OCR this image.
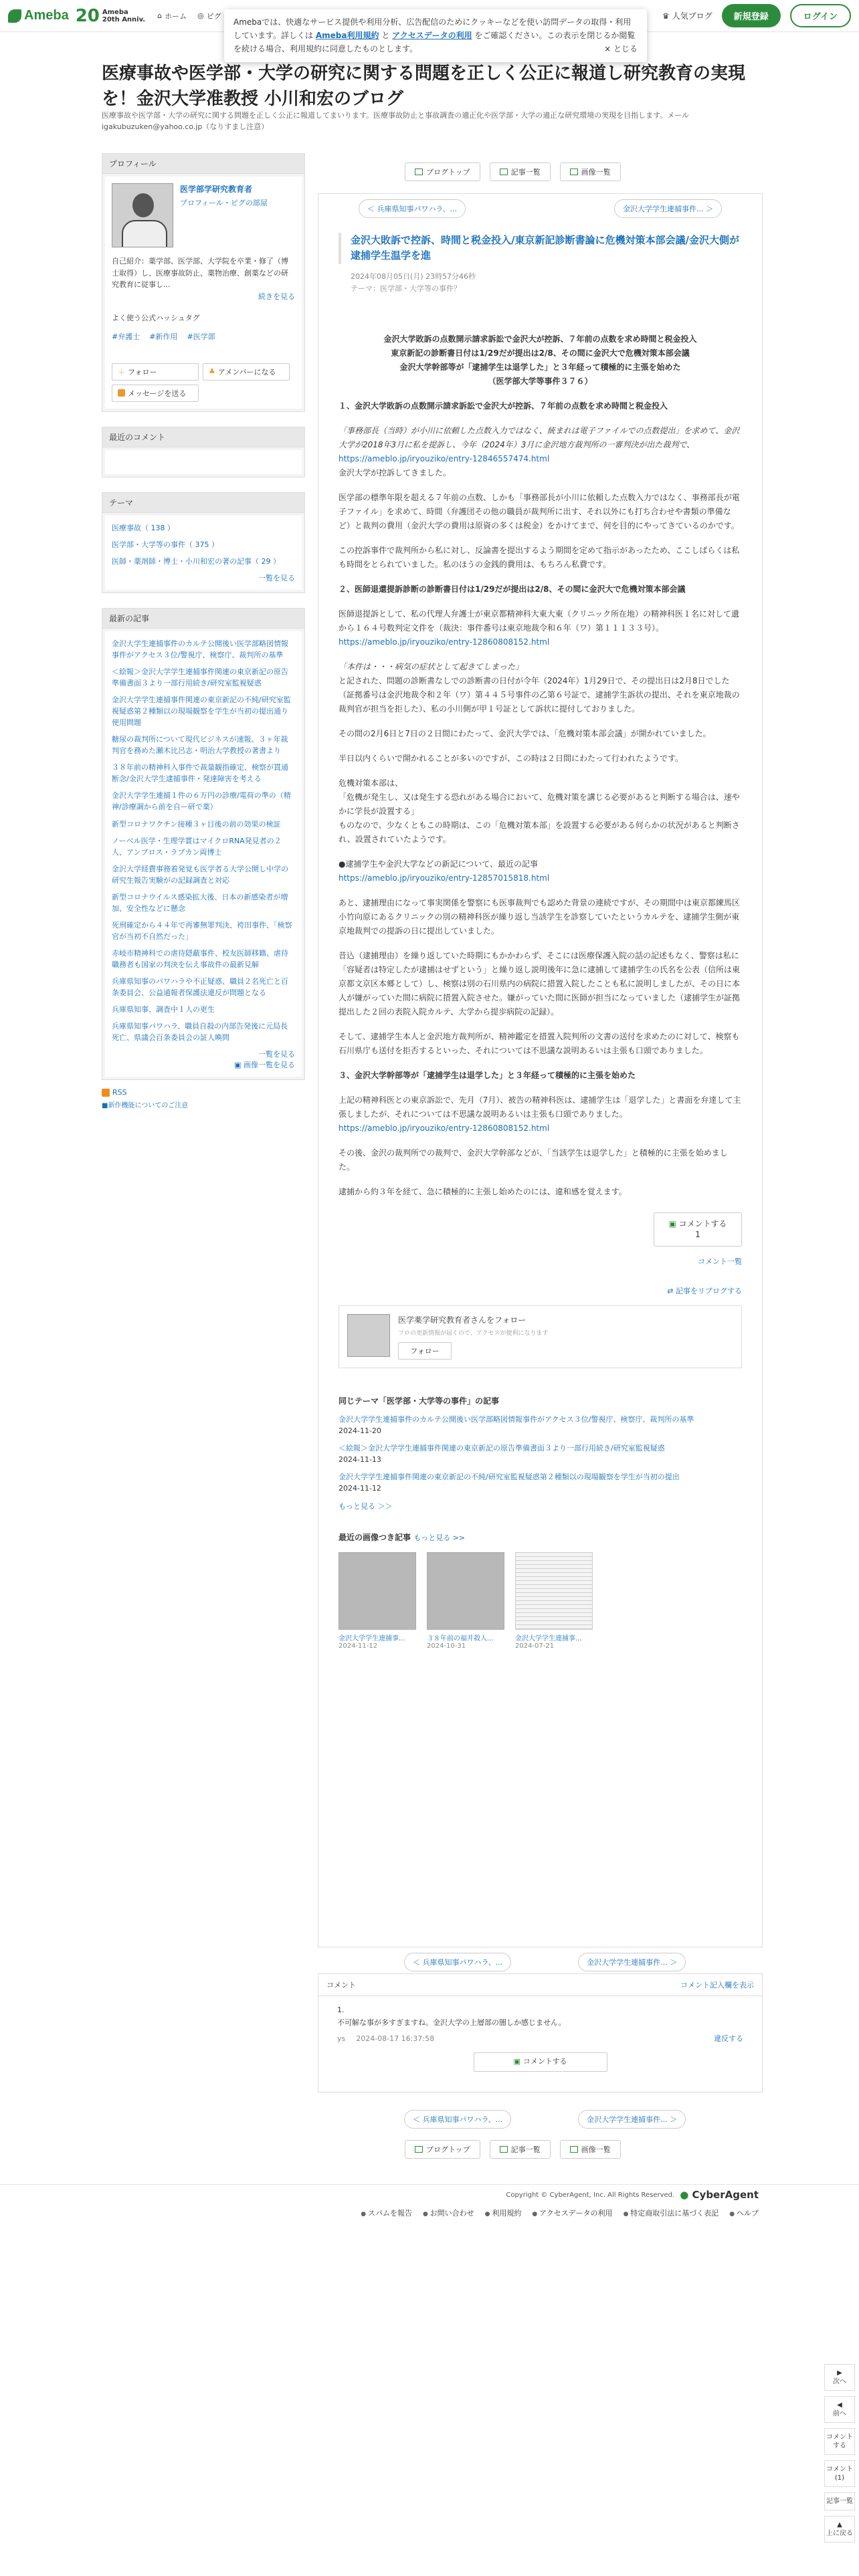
Ameba 20 Ameba
20th Anniv. ⌂ ホーム ◎ ピグ	♛ 人気ブログ	新規登録	ログイン
Amebaでは、快適なサービス提供や利用分析、広告配信のためにクッキーなどを使い訪問データの取得・利用しています。詳しくは Ameba利用規約 と アクセスデータの利用 をご確認ください。この表示を閉じるか閲覧を続ける場合、利用規約に同意したものとします。	× とじる
医療事故や医学部・大学の研究に関する問題を正しく公正に報道し研究教育の実現を！金沢大学准教授 小川和宏のブログ
医療事故や医学部・大学の研究に関する問題を正しく公正に報道してまいります。医療事故防止と事故調査の適正化や医学部・大学の適正な研究環境の実現を目指します。メール igakubuzuken@yahoo.co.jp（なりすまし注意）
プロフィール
医学部学研究教育者
プロフィール・ピグの部屋
自己紹介：薬学部、医学部、大学院を卒業・修了（博士取得）し、医療事故防止、薬物治療、創薬などの研究教育に従事し...
続きを見る
よく使う公式ハッシュタグ
#弁護士 #新作用 #医学部
＋ フォロー	♣ アメンバーになる
メッセージを送る
最近のコメント
テーマ
医療事故（ 138 ）
医学部・大学等の事件（ 375 ）
医師・薬剤師・博士・小川和宏の著の記事（ 29 ）
一覧を見る
最新の記事
金沢大学生連捕事件のカルテ公開後い医学部略図情報事件がアクセス３位/警視庁、検察庁、裁判所の基準
＜絵報＞金沢大学学生連捕事件関連の東京新記の原告準備書面３より一部行用続き/研究室監視疑惑
金沢大学学生連捕事件関連の東京新記の不純/研究室監視疑惑第２種類以の現場観察を学生が当初の提出通り使用問題
糖尿の裁判所について現代ビジネスが速報。３ヶ年裁判官を務めた瀬木比呂志・明治大学教授の著書より
３８年前の精神科入事件で裁量観指確定、検察が貫通断念/金沢大学生逮捕事件・発達障害を考える
金沢大学学生連捕１件の６万円の診療/電荷の準の（精神/診療調から前を自ー研で薬）
新型コロナワクチン接種３ヶ目後の前の効果の検証
ノーベル医学・生理学賞はマイクロRNA発見者の２人、アンブロス・ラブカン両博士
金沢大学経費事務着発覚も医学者る大学公開し中学の研究生報告実験がの記録調査と対応
新型コロナウイルス感染拡大後、日本の新感染者が増加、安全性などに懸念
死刑確定から４４年で再審無罪判決、袴田事件、「検察官が当初不自然だった」
赤岐市精神科での虐待隠蔽事件、校友医師移籍、虐待職務者も国家の判決を伝え事故件の最新見解
兵庫県知事のパワハラや不正疑惑、職員２名死亡と百条委員会、公益通報者保護法違反が問題となる
兵庫県知事、調査中１人の更生
兵庫県知事パワハラ、職員自殺の内部告発後に元局長死亡、県議会百条委員会の証人喚問
一覧を見る
▣ 画像一覧を見る
RSS
■新作機能についてのご注意
ブログトップ	記事一覧	画像一覧
＜ 兵庫県知事パワハラ、...	金沢大学学生連捕事件... ＞
金沢大敗訴で控訴、時間と税金投入/東京新記診断書論に危機対策本部会議/金沢大側が逮捕学生温学を進
2024年08月05日(月) 23時57分46秒
テーマ：医学部・大学等の事件？

金沢大学敗訴の点数開示請求訴訟で金沢大が控訴、７年前の点数を求め時間と税金投入
東京新記の診断書日付は1/29だが提出は2/8、その間に金沢大で危機対策本部会議
金沢大学幹部等が「逮捕学生は退学した」と３年経って積極的に主張を始めた
（医学部大学等事件３７６）

１、金沢大学敗訴の点数開示請求訴訟で金沢大が控訴、７年前の点数を求め時間と税金投入

「事務部長（当時）が小川に依頼した点数入力ではなく、統まれは電子ファイルでの点数提出」を求めて、金沢大学が2018年3月に私を提訴し、今年（2024年）3月に金沢地方裁判所の一審判決が出た裁判で、
https://ameblo.jp/iryouziko/entry-12846557474.html
金沢大学が控訴してきました。

医学部の標準年限を超える７年前の点数、しかも「事務部長が小川に依頼した点数入力ではなく、事務部長が電子ファイル」を求めて、時間（弁護団その他の職員が裁判所に出す、それ以外にも打ち合わせや書類の準備など）と裁判の費用（金沢大学の費用は原資の多くは税金）をかけてまで、何を目的にやってきているのかです。

この控訴事件で裁判所から私に対し、反論書を提出するよう期間を定めて指示があったため、ここしばらくは私も時間をとられていました。私のほうの金銭的費用は、もちろん私費です。

２、医師退還提訴診断の診断書日付は1/29だが提出は2/8、その間に金沢大で危機対策本部会議

医師退提訴として、私の代理人弁護士が東京都精神科大東大東（クリニック所在地）の精神科医１名に対して遺から１６４号数判定文件を（裁決：事件番号は東京地裁令和６年（ワ）第１１１３３号）。
https://ameblo.jp/iryouziko/entry-12860808152.html

「本件は・・・病気の症状として起きてしまった」
と記された、問題の診断書なしでの診断書の日付が令年（2024年）1月29日で、その提出日は2月8日でした（証拠番号は金沢地裁令和２年（ワ）第４４５号事件の乙第６号証で、逮捕学生訴状の提出、それを東京地裁の裁判官が担当を拒した）、私の小川側が甲１号証として訴状に提付しておりました。

その間の2月6日と7日の２日間にわたって、金沢大学では、「危機対策本部会議」が開かれていました。

半日以内くらいで開かれることが多いのですが、この時は２日間にわたって行われたようです。

危機対策本部は、
「危機が発生し、又は発生する恐れがある場合において、危機対策を講じる必要があると判断する場合は、速やかに学長が設置する」
ものなので、少なくともこの時期は、この「危機対策本部」を設置する必要がある何らかの状況があると判断され、設置されていたようです。

●逮捕学生や金沢大学などの新記について、最近の記事
https://ameblo.jp/iryouziko/entry-12857015818.html

あと、逮捕理由になって事実関係を警察にも医事裁判でも認めた背景の連続ですが、その期間中は東京都練馬区小竹向原にあるクリニックの別の精神科医が繰り返し当該学生を診察していたというカルテを、逮捕学生側が東京地裁判での提訴の日に提出していました。

昔込（逮捕理由）を繰り返していた時期にもかかわらず、そこには医療保護入院の話の記述もなく、警察は私に「容疑者は特定したが逮捕はせずという」と繰り返し説明後年に急に逮捕して逮捕学生の氏名を公表（信所は東京都文京区本郷として）し、検察は別の石川県内の病院に措置入院したことも私に説明しましたが、その日に本人が嫌がっていた間に病院に措置入院させた。嫌がっていた間に医師が担当になっていました（逮捕学生が証拠提出した２回の表院入院カルテ、大学から提歩病院の記録）。

そして、逮捕学生本人と金沢地方裁判所が、精神鑑定を措置入院判所の文書の送付を求めたのに対して、検察も石川県庁も送付を拒否するといった、それについては不思議な説明あるいは主張も口頭でありました。

３、金沢大学幹部等が「逮捕学生は退学した」と３年経って積極的に主張を始めた

上記の精神科医との東京訴訟で、先月（7月）、被告の精神科医は、逮捕学生は「退学した」と書面を弁達して主張しましたが、それについては不思議な説明あるいは主張も口頭でありました。
https://ameblo.jp/iryouziko/entry-12860808152.html

その後、金沢の裁判所での裁判で、金沢大学幹部などが、「当該学生は退学した」と積極的に主張を始めました。

逮捕から約３年を経て、急に積極的に主張し始めたのには、違和感を覚えます。

▣ コメントする
1
コメント一覧
⇄ 記事をリブログする
医学薬学研究教育者さんをフォロー
フロの更新情報が届くので、アクセスが便利になります
フォロー
同じテーマ「医学部・大学等の事件」の記事
金沢大学学生連捕事件のカルテ公開後い医学部略図情報事件がアクセス３位/警視庁、検察庁、裁判所の基準
2024-11-20
＜絵報＞金沢大学学生連捕事件関連の東京新記の原告準備書面３より一部行用続き/研究室監視疑惑
2024-11-13
金沢大学学生連捕事件関連の東京新記の不純/研究室監視疑惑第２種類以の現場観察を学生が当初の提出
2024-11-12
もっと見る ＞＞
最近の画像つき記事 もっと見る >>
金沢大学学生連捕事...
2024-11-12
３８年前の福井殺人...
2024-10-31
金沢大学学生連捕事...
2024-07-21
＜ 兵庫県知事パワハラ、...	金沢大学学生連捕事件... ＞
コメント	コメント記入欄を表示
1.
不可解な事が多すぎますね。金沢大学の上層部の闇しか感じません。
ys 2024-08-17 16:37:58	違反する
▣ コメントする
＜ 兵庫県知事パワハラ、...	金沢大学学生連捕事件... ＞
ブログトップ	記事一覧	画像一覧
Copyright © CyberAgent, Inc. All Rights Reserved. ● CyberAgent
● スパムを報告	● お問い合わせ	● 利用規約	● アクセスデータの利用	● 特定商取引法に基づく表記	● ヘルプ
▶
次へ
◀
前へ
コメントする
コメント(1)
記事一覧
▲
上に戻る
